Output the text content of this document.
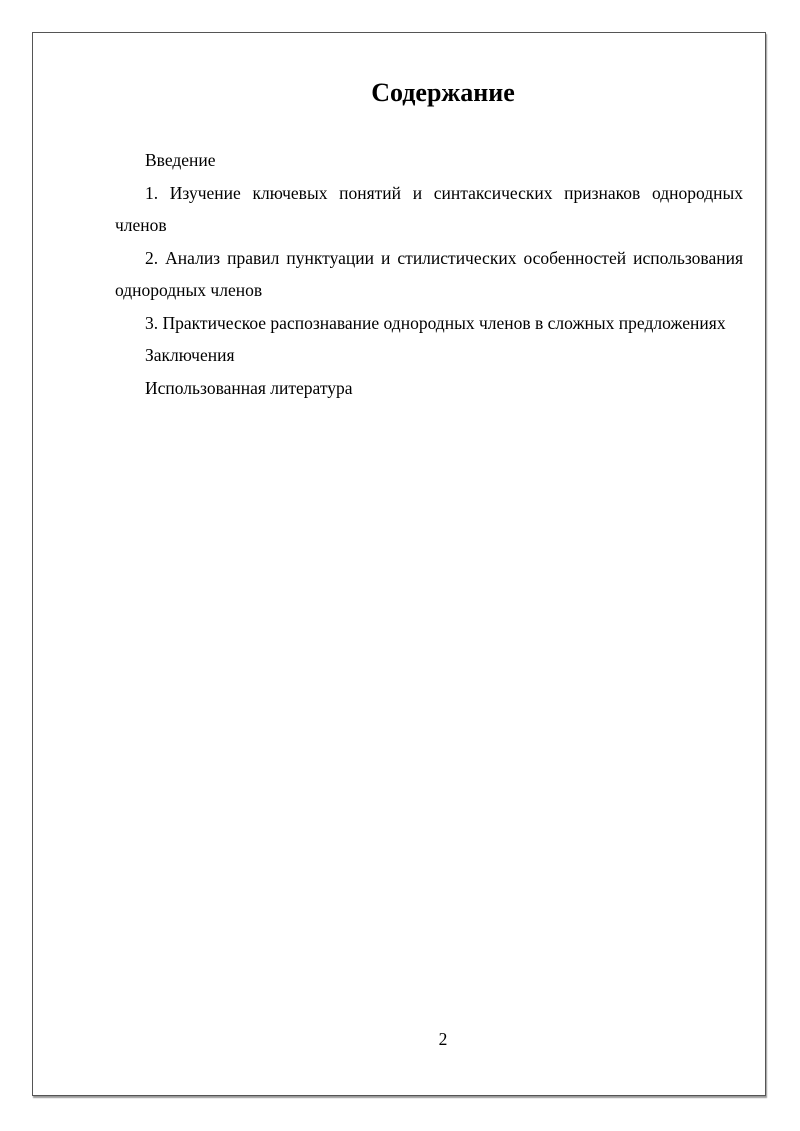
Содержание
Введение
1. Изучение ключевых понятий и синтаксических признаков однородных членов
2. Анализ правил пунктуации и стилистических особенностей использования однородных членов
3. Практическое распознавание однородных членов в сложных предложениях
Заключения
Использованная литература
2
